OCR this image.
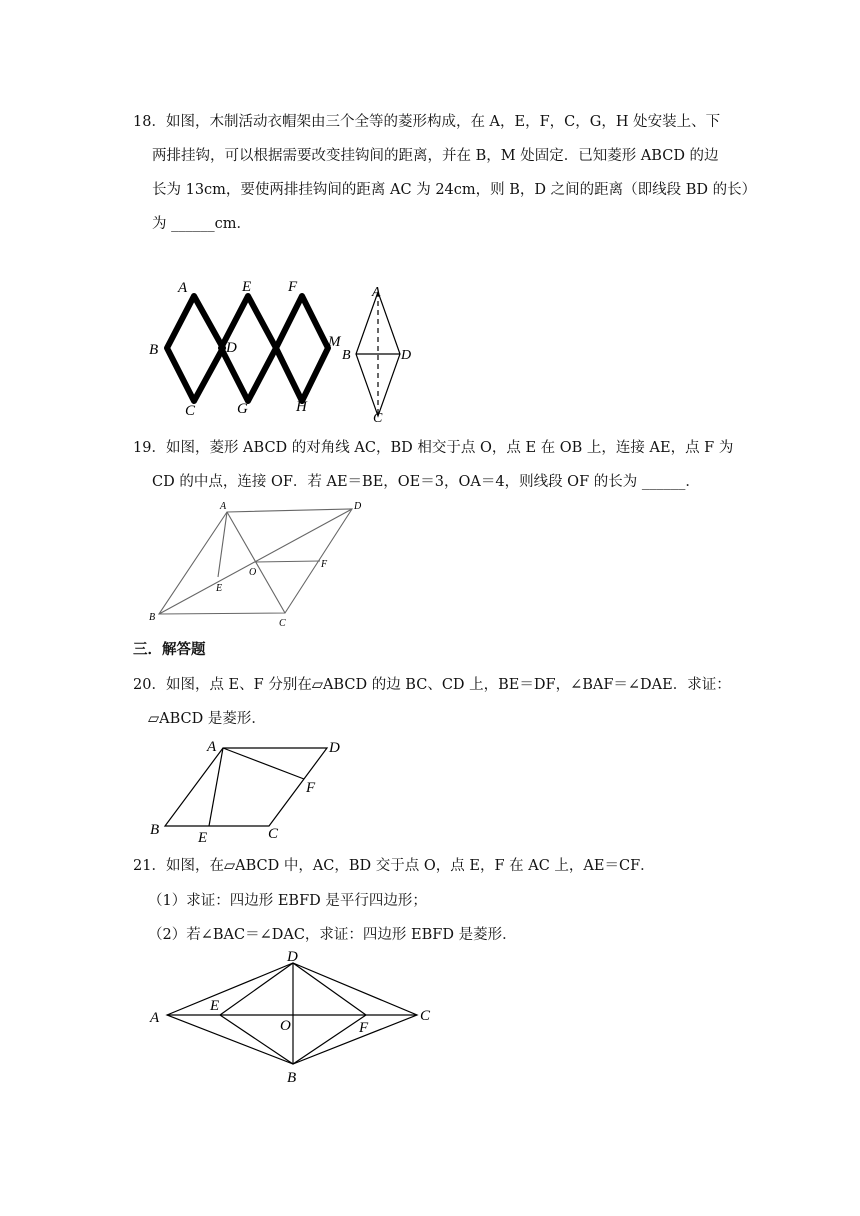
18．如图，木制活动衣帽架由三个全等的菱形构成，在 A，E，F，C，G，H 处安装上、下
两排挂钩，可以根据需要改变挂钩间的距离，并在 B，M 处固定．已知菱形 ABCD 的边
长为 13cm，要使两排挂钩间的距离 AC 为 24cm，则 B，D 之间的距离（即线段 BD 的长）
为 ______cm．
A	E F
B	D	M
C	G	H
A
B	D
C
19．如图，菱形 ABCD 的对角线 AC，BD 相交于点 O，点 E 在 OB 上，连接 AE，点 F 为
CD 的中点，连接 OF．若 AE＝BE，OE＝3，OA＝4，则线段 OF 的长为 ______．
A	D
O
F
E
B
C
三．解答题
20．如图，点 E、F 分别在▱ABCD 的边 BC、CD 上，BE＝DF，∠BAF＝∠DAE．求证：
▱ABCD 是菱形．
A	D
F
B	E	C
21．如图，在▱ABCD 中，AC，BD 交于点 O，点 E，F 在 AC 上，AE＝CF．
（1）求证：四边形 EBFD 是平行四边形；
（2）若∠BAC＝∠DAC，求证：四边形 EBFD 是菱形．
D
A
E
O	F
C
B
